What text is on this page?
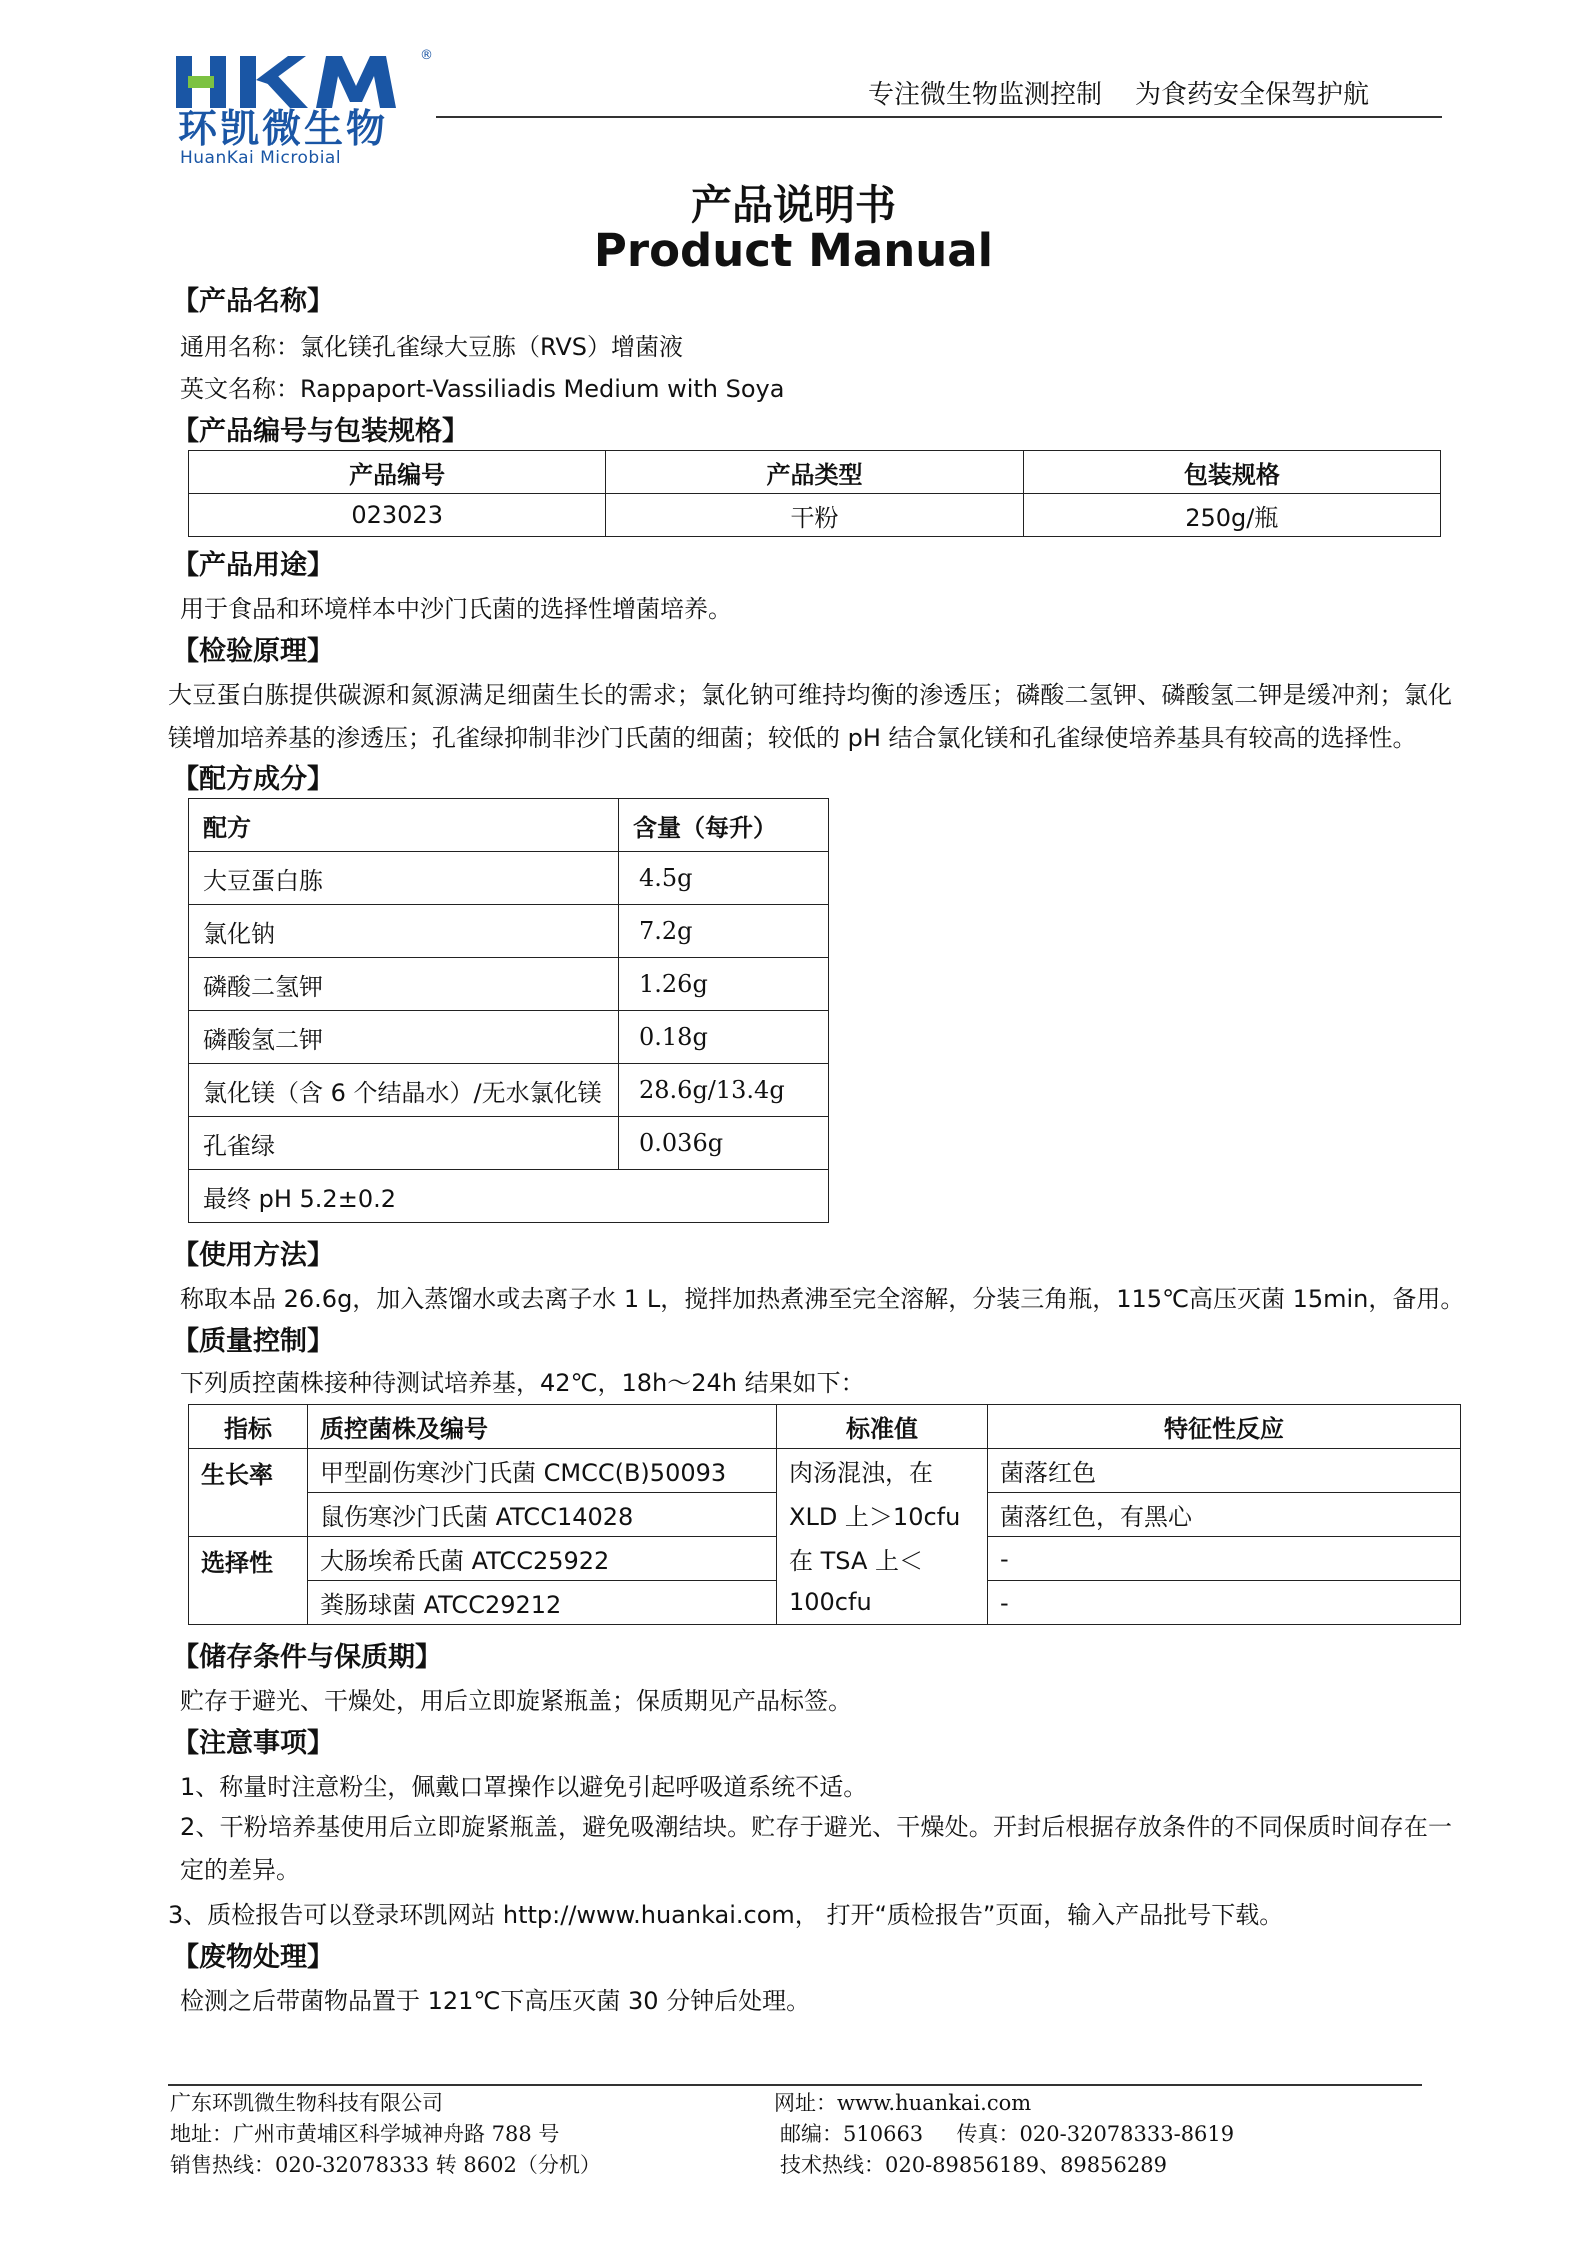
®
环凯微生物
HuanKai Microbial
专注微生物监测控制    为食药安全保驾护航
产品说明书
Product Manual
【产品名称】
通用名称：氯化镁孔雀绿大豆胨（RVS）增菌液
英文名称：Rappaport-Vassiliadis Medium with Soya
【产品编号与包装规格】
产品编号	产品类型	包装规格
023023	干粉	250g/瓶
【产品用途】
用于食品和环境样本中沙门氏菌的选择性增菌培养。
【检验原理】
大豆蛋白胨提供碳源和氮源满足细菌生长的需求；氯化钠可维持均衡的渗透压；磷酸二氢钾、磷酸氢二钾是缓冲剂；氯化镁增加培养基的渗透压；孔雀绿抑制非沙门氏菌的细菌；较低的 pH 结合氯化镁和孔雀绿使培养基具有较高的选择性。
【配方成分】
配方	含量（每升）
大豆蛋白胨	4.5g
氯化钠	7.2g
磷酸二氢钾	1.26g
磷酸氢二钾	0.18g
氯化镁（含 6 个结晶水）/无水氯化镁	28.6g/13.4g
孔雀绿	0.036g
最终 pH 5.2±0.2	
【使用方法】
称取本品 26.6g，加入蒸馏水或去离子水 1 L，搅拌加热煮沸至完全溶解，分装三角瓶，115℃高压灭菌 15min，备用。
【质量控制】
下列质控菌株接种待测试培养基，42℃，18h～24h 结果如下：
指标	质控菌株及编号	标准值	特征性反应
生长率	甲型副伤寒沙门氏菌 CMCC(B)50093	肉汤混浊，在	菌落红色
	鼠伤寒沙门氏菌 ATCC14028	XLD 上＞10cfu	菌落红色，有黑心
选择性	大肠埃希氏菌 ATCC25922	在 TSA 上＜	-
	粪肠球菌 ATCC29212	100cfu	-
【储存条件与保质期】
贮存于避光、干燥处，用后立即旋紧瓶盖；保质期见产品标签。
【注意事项】
1、称量时注意粉尘，佩戴口罩操作以避免引起呼吸道系统不适。
2、干粉培养基使用后立即旋紧瓶盖，避免吸潮结块。贮存于避光、干燥处。开封后根据存放条件的不同保质时间存在一定的差异。
3、质检报告可以登录环凯网站 http://www.huankai.com， 打开“质检报告”页面，输入产品批号下载。
【废物处理】
检测之后带菌物品置于 121℃下高压灭菌 30 分钟后处理。
广东环凯微生物科技有限公司
地址：广州市黄埔区科学城神舟路 788 号
销售热线：020-32078333 转 8602（分机）
网址：www.huankai.com
邮编：510663     传真：020-32078333-8619
技术热线：020-89856189、89856289
